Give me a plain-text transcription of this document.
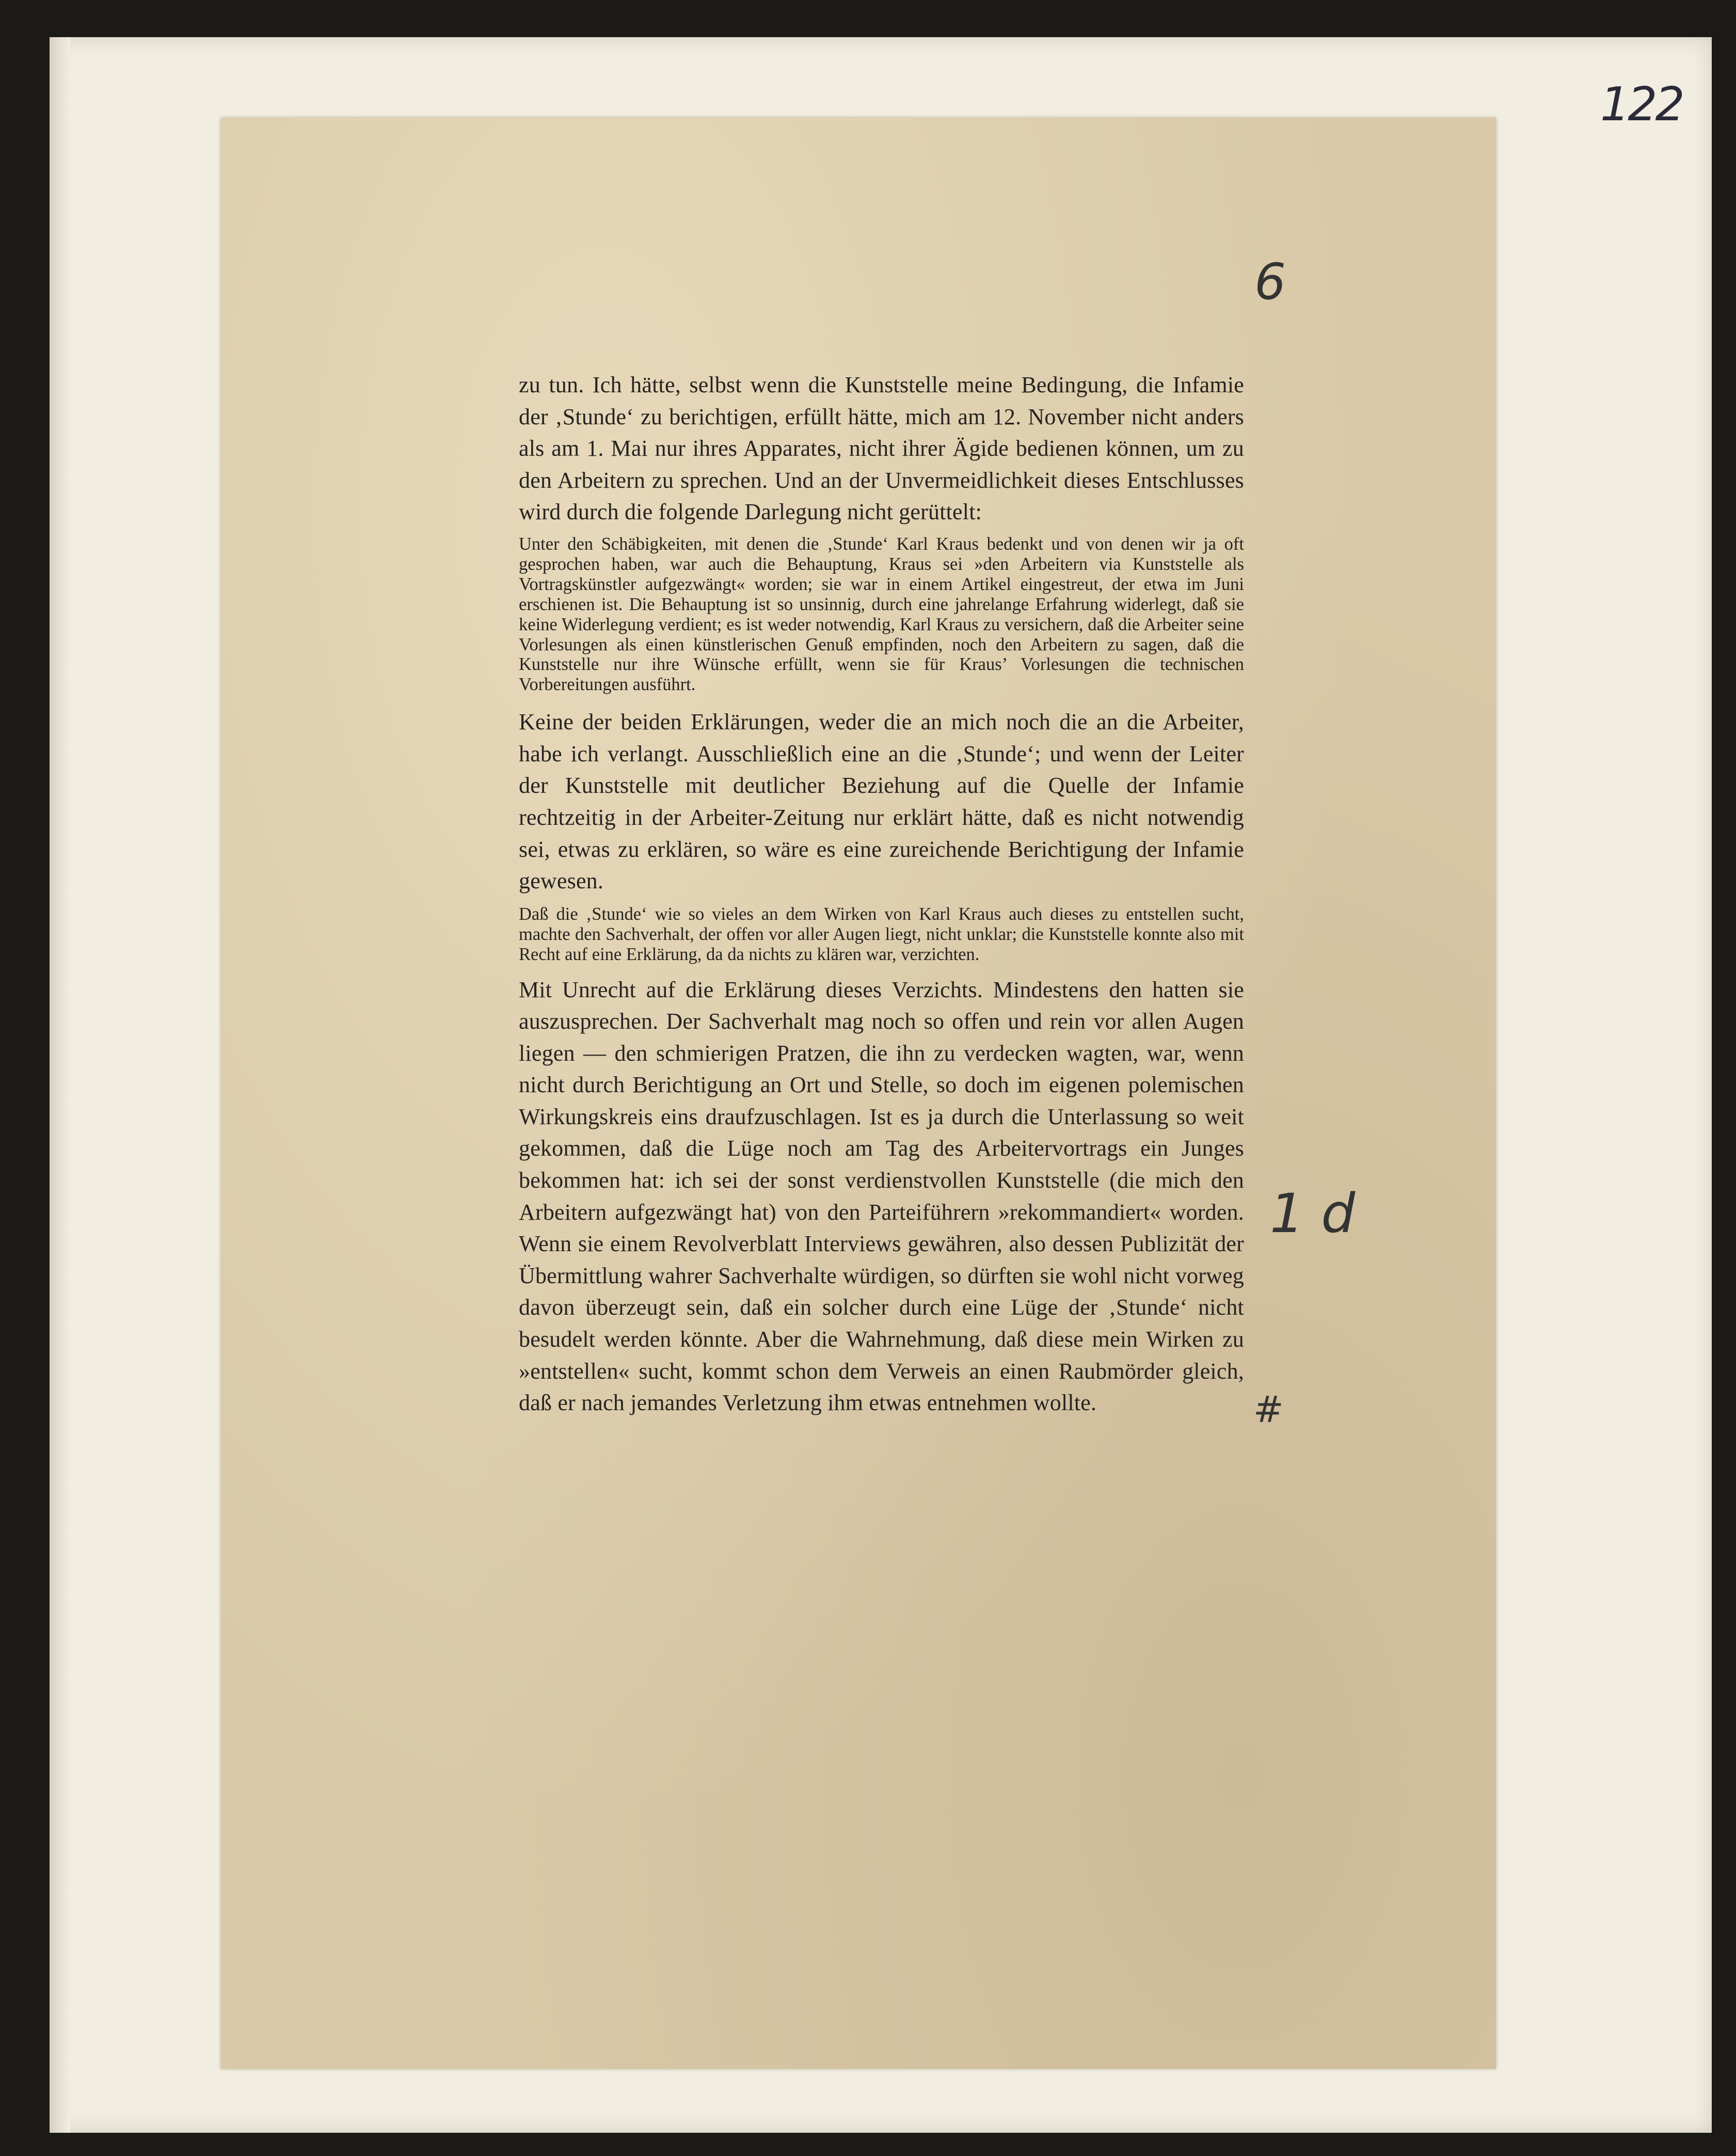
122
6
1 d
#

zu tun. Ich hätte, selbst wenn die Kunststelle meine Bedingung, die Infamie der ‚Stunde‘ zu berichtigen, erfüllt hätte, mich am 12. November nicht anders als am 1. Mai nur ihres Apparates, nicht ihrer Ägide bedienen können, um zu den Arbeitern zu sprechen. Und an der Unvermeidlichkeit dieses Entschlusses wird durch die folgende Darlegung nicht gerüttelt:

Unter den Schäbigkeiten, mit denen die ‚Stunde‘ Karl Kraus bedenkt und von denen wir ja oft gesprochen haben, war auch die Behauptung, Kraus sei »den Arbeitern via Kunststelle als Vortragskünstler aufgezwängt« worden; sie war in einem Artikel eingestreut, der etwa im Juni erschienen ist. Die Behauptung ist so unsinnig, durch eine jahrelange Erfahrung widerlegt, daß sie keine Widerlegung verdient; es ist weder notwendig, Karl Kraus zu versichern, daß die Arbeiter seine Vorlesungen als einen künstlerischen Genuß empfinden, noch den Arbeitern zu sagen, daß die Kunststelle nur ihre Wünsche erfüllt, wenn sie für Kraus’ Vorlesungen die technischen Vorbereitungen ausführt.

Keine der beiden Erklärungen, weder die an mich noch die an die Arbeiter, habe ich verlangt. Ausschließlich eine an die ‚Stunde‘; und wenn der Leiter der Kunststelle mit deutlicher Beziehung auf die Quelle der Infamie rechtzeitig in der Arbeiter-Zeitung nur erklärt hätte, daß es nicht notwendig sei, etwas zu erklären, so wäre es eine zureichende Berichtigung der Infamie gewesen.

Daß die ‚Stunde‘ wie so vieles an dem Wirken von Karl Kraus auch dieses zu entstellen sucht, machte den Sachverhalt, der offen vor aller Augen liegt, nicht unklar; die Kunststelle konnte also mit Recht auf eine Erklärung, da da nichts zu klären war, verzichten.

Mit Unrecht auf die Erklärung dieses Verzichts. Mindestens den hatten sie auszusprechen. Der Sachverhalt mag noch so offen und rein vor allen Augen liegen — den schmierigen Pratzen, die ihn zu verdecken wagten, war, wenn nicht durch Berichtigung an Ort und Stelle, so doch im eigenen polemischen Wirkungskreis eins draufzuschlagen. Ist es ja durch die Unterlassung so weit gekommen, daß die Lüge noch am Tag des Arbeitervortrags ein Junges bekommen hat: ich sei der sonst verdienstvollen Kunststelle (die mich den Arbeitern aufgezwängt hat) von den Parteiführern »rekommandiert« worden. Wenn sie einem Revolverblatt Interviews gewähren, also dessen Publizität der Übermittlung wahrer Sachverhalte würdigen, so dürften sie wohl nicht vorweg davon überzeugt sein, daß ein solcher durch eine Lüge der ‚Stunde‘ nicht besudelt werden könnte. Aber die Wahrnehmung, daß diese mein Wirken zu »entstellen« sucht, kommt schon dem Verweis an einen Raubmörder gleich, daß er nach jemandes Verletzung ihm etwas entnehmen wollte.
